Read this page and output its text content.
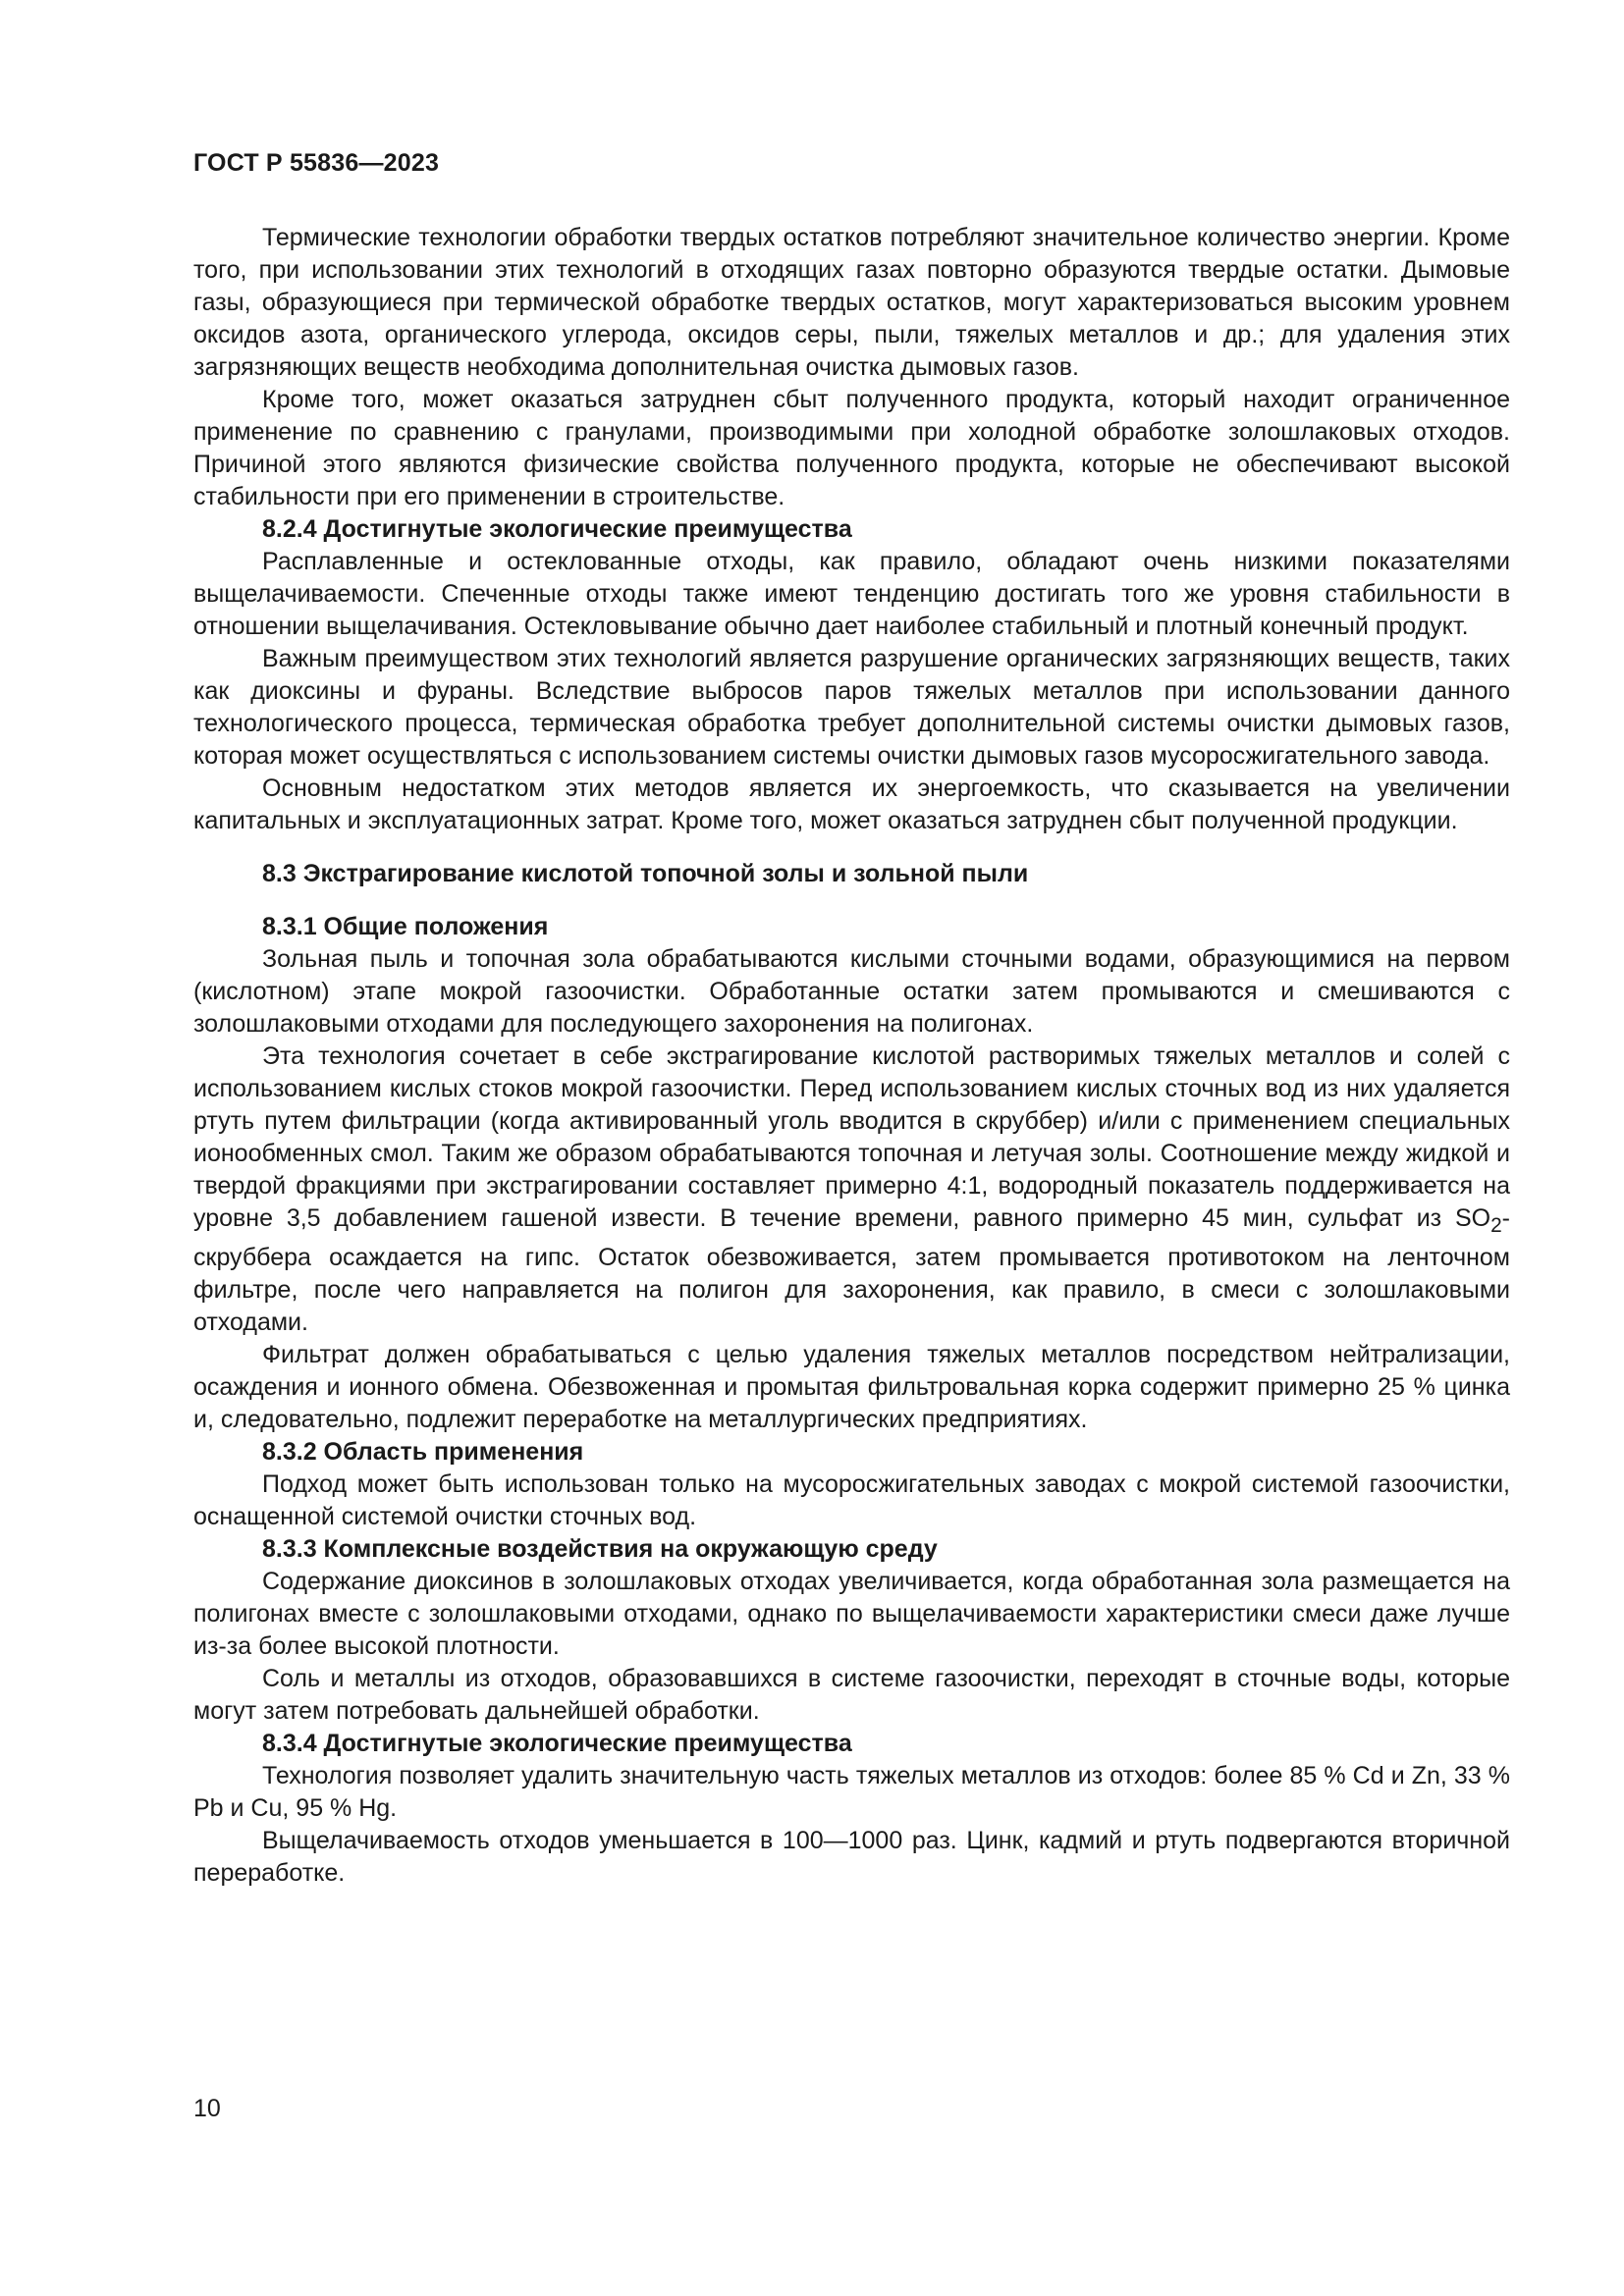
ГОСТ Р 55836—2023

Термические технологии обработки твердых остатков потребляют значительное количество энергии. Кроме того, при использовании этих технологий в отходящих газах повторно образуются твердые остатки. Дымовые газы, образующиеся при термической обработке твердых остатков, могут характеризоваться высоким уровнем оксидов азота, органического углерода, оксидов серы, пыли, тяжелых металлов и др.; для удаления этих загрязняющих веществ необходима дополнительная очистка дымовых газов.

Кроме того, может оказаться затруднен сбыт полученного продукта, который находит ограниченное применение по сравнению с гранулами, производимыми при холодной обработке золошлаковых отходов. Причиной этого являются физические свойства полученного продукта, которые не обеспечивают высокой стабильности при его применении в строительстве.

8.2.4 Достигнутые экологические преимущества

Расплавленные и остеклованные отходы, как правило, обладают очень низкими показателями выщелачиваемости. Спеченные отходы также имеют тенденцию достигать того же уровня стабильности в отношении выщелачивания. Остекловывание обычно дает наиболее стабильный и плотный конечный продукт.

Важным преимуществом этих технологий является разрушение органических загрязняющих веществ, таких как диоксины и фураны. Вследствие выбросов паров тяжелых металлов при использовании данного технологического процесса, термическая обработка требует дополнительной системы очистки дымовых газов, которая может осуществляться с использованием системы очистки дымовых газов мусоросжигательного завода.

Основным недостатком этих методов является их энергоемкость, что сказывается на увеличении капитальных и эксплуатационных затрат. Кроме того, может оказаться затруднен сбыт полученной продукции.

8.3 Экстрагирование кислотой топочной золы и зольной пыли
8.3.1 Общие положения

Зольная пыль и топочная зола обрабатываются кислыми сточными водами, образующимися на первом (кислотном) этапе мокрой газоочистки. Обработанные остатки затем промываются и смешиваются с золошлаковыми отходами для последующего захоронения на полигонах.

Эта технология сочетает в себе экстрагирование кислотой растворимых тяжелых металлов и солей с использованием кислых стоков мокрой газоочистки. Перед использованием кислых сточных вод из них удаляется ртуть путем фильтрации (когда активированный уголь вводится в скруббер) и/или с применением специальных ионообменных смол. Таким же образом обрабатываются топочная и летучая золы. Соотношение между жидкой и твердой фракциями при экстрагировании составляет примерно 4:1, водородный показатель поддерживается на уровне 3,5 добавлением гашеной извести. В течение времени, равного примерно 45 мин, сульфат из $SO_2$-скруббера осаждается на гипс. Остаток обезвоживается, затем промывается противотоком на ленточном фильтре, после чего направляется на полигон для захоронения, как правило, в смеси с золошлаковыми отходами.

Фильтрат должен обрабатываться с целью удаления тяжелых металлов посредством нейтрализации, осаждения и ионного обмена. Обезвоженная и промытая фильтровальная корка содержит примерно 25 % цинка и, следовательно, подлежит переработке на металлургических предприятиях.

8.3.2 Область применения

Подход может быть использован только на мусоросжигательных заводах с мокрой системой газоочистки, оснащенной системой очистки сточных вод.

8.3.3 Комплексные воздействия на окружающую среду

Содержание диоксинов в золошлаковых отходах увеличивается, когда обработанная зола размещается на полигонах вместе с золошлаковыми отходами, однако по выщелачиваемости характеристики смеси даже лучше из-за более высокой плотности.

Соль и металлы из отходов, образовавшихся в системе газоочистки, переходят в сточные воды, которые могут затем потребовать дальнейшей обработки.

8.3.4 Достигнутые экологические преимущества

Технология позволяет удалить значительную часть тяжелых металлов из отходов: более 85 % Cd и Zn, 33 % Pb и Cu, 95 % Hg.

Выщелачиваемость отходов уменьшается в 100—1000 раз. Цинк, кадмий и ртуть подвергаются вторичной переработке.

10
